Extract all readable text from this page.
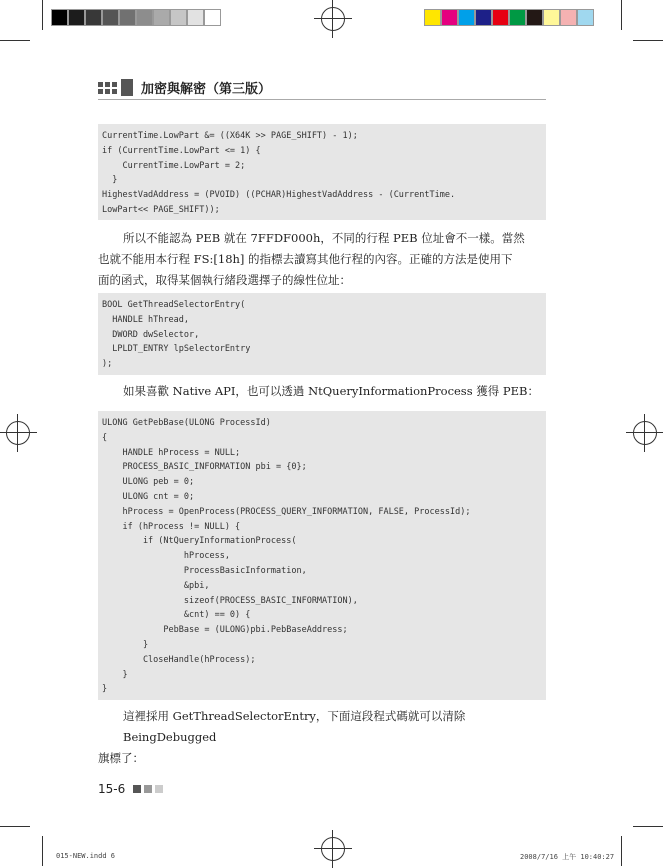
加密與解密（第三版）
CurrentTime.LowPart &= ((X64K >> PAGE_SHIFT) - 1);
if (CurrentTime.LowPart <= 1) {
CurrentTime.LowPart = 2;
}
HighestVadAddress = (PVOID) ((PCHAR)HighestVadAddress - (CurrentTime.
LowPart<< PAGE_SHIFT));

所以不能認為 PEB 就在 7FFDF000h，不同的行程 PEB 位址會不一樣。當然

也就不能用本行程 FS:[18h] 的指標去讀寫其他行程的內容。正確的方法是使用下

面的函式，取得某個執行緒段選擇子的線性位址：

BOOL GetThreadSelectorEntry(
HANDLE hThread,
DWORD dwSelector,
LPLDT_ENTRY lpSelectorEntry
);

如果喜歡 Native API，也可以透過 NtQueryInformationProcess 獲得 PEB：

ULONG GetPebBase(ULONG ProcessId)
{
HANDLE hProcess = NULL;
PROCESS_BASIC_INFORMATION pbi = {0};
ULONG peb = 0;
ULONG cnt = 0;
hProcess = OpenProcess(PROCESS_QUERY_INFORMATION, FALSE, ProcessId);
if (hProcess != NULL) {
if (NtQueryInformationProcess(
hProcess,
ProcessBasicInformation,
&pbi,
sizeof(PROCESS_BASIC_INFORMATION),
&cnt) == 0) {
PebBase = (ULONG)pbi.PebBaseAddress;
}
CloseHandle(hProcess);
}
}

這裡採用 GetThreadSelectorEntry，下面這段程式碼就可以清除 BeingDebugged

旗標了：

15-6
015-NEW.indd 6	2008/7/16 上午 10:40:27
